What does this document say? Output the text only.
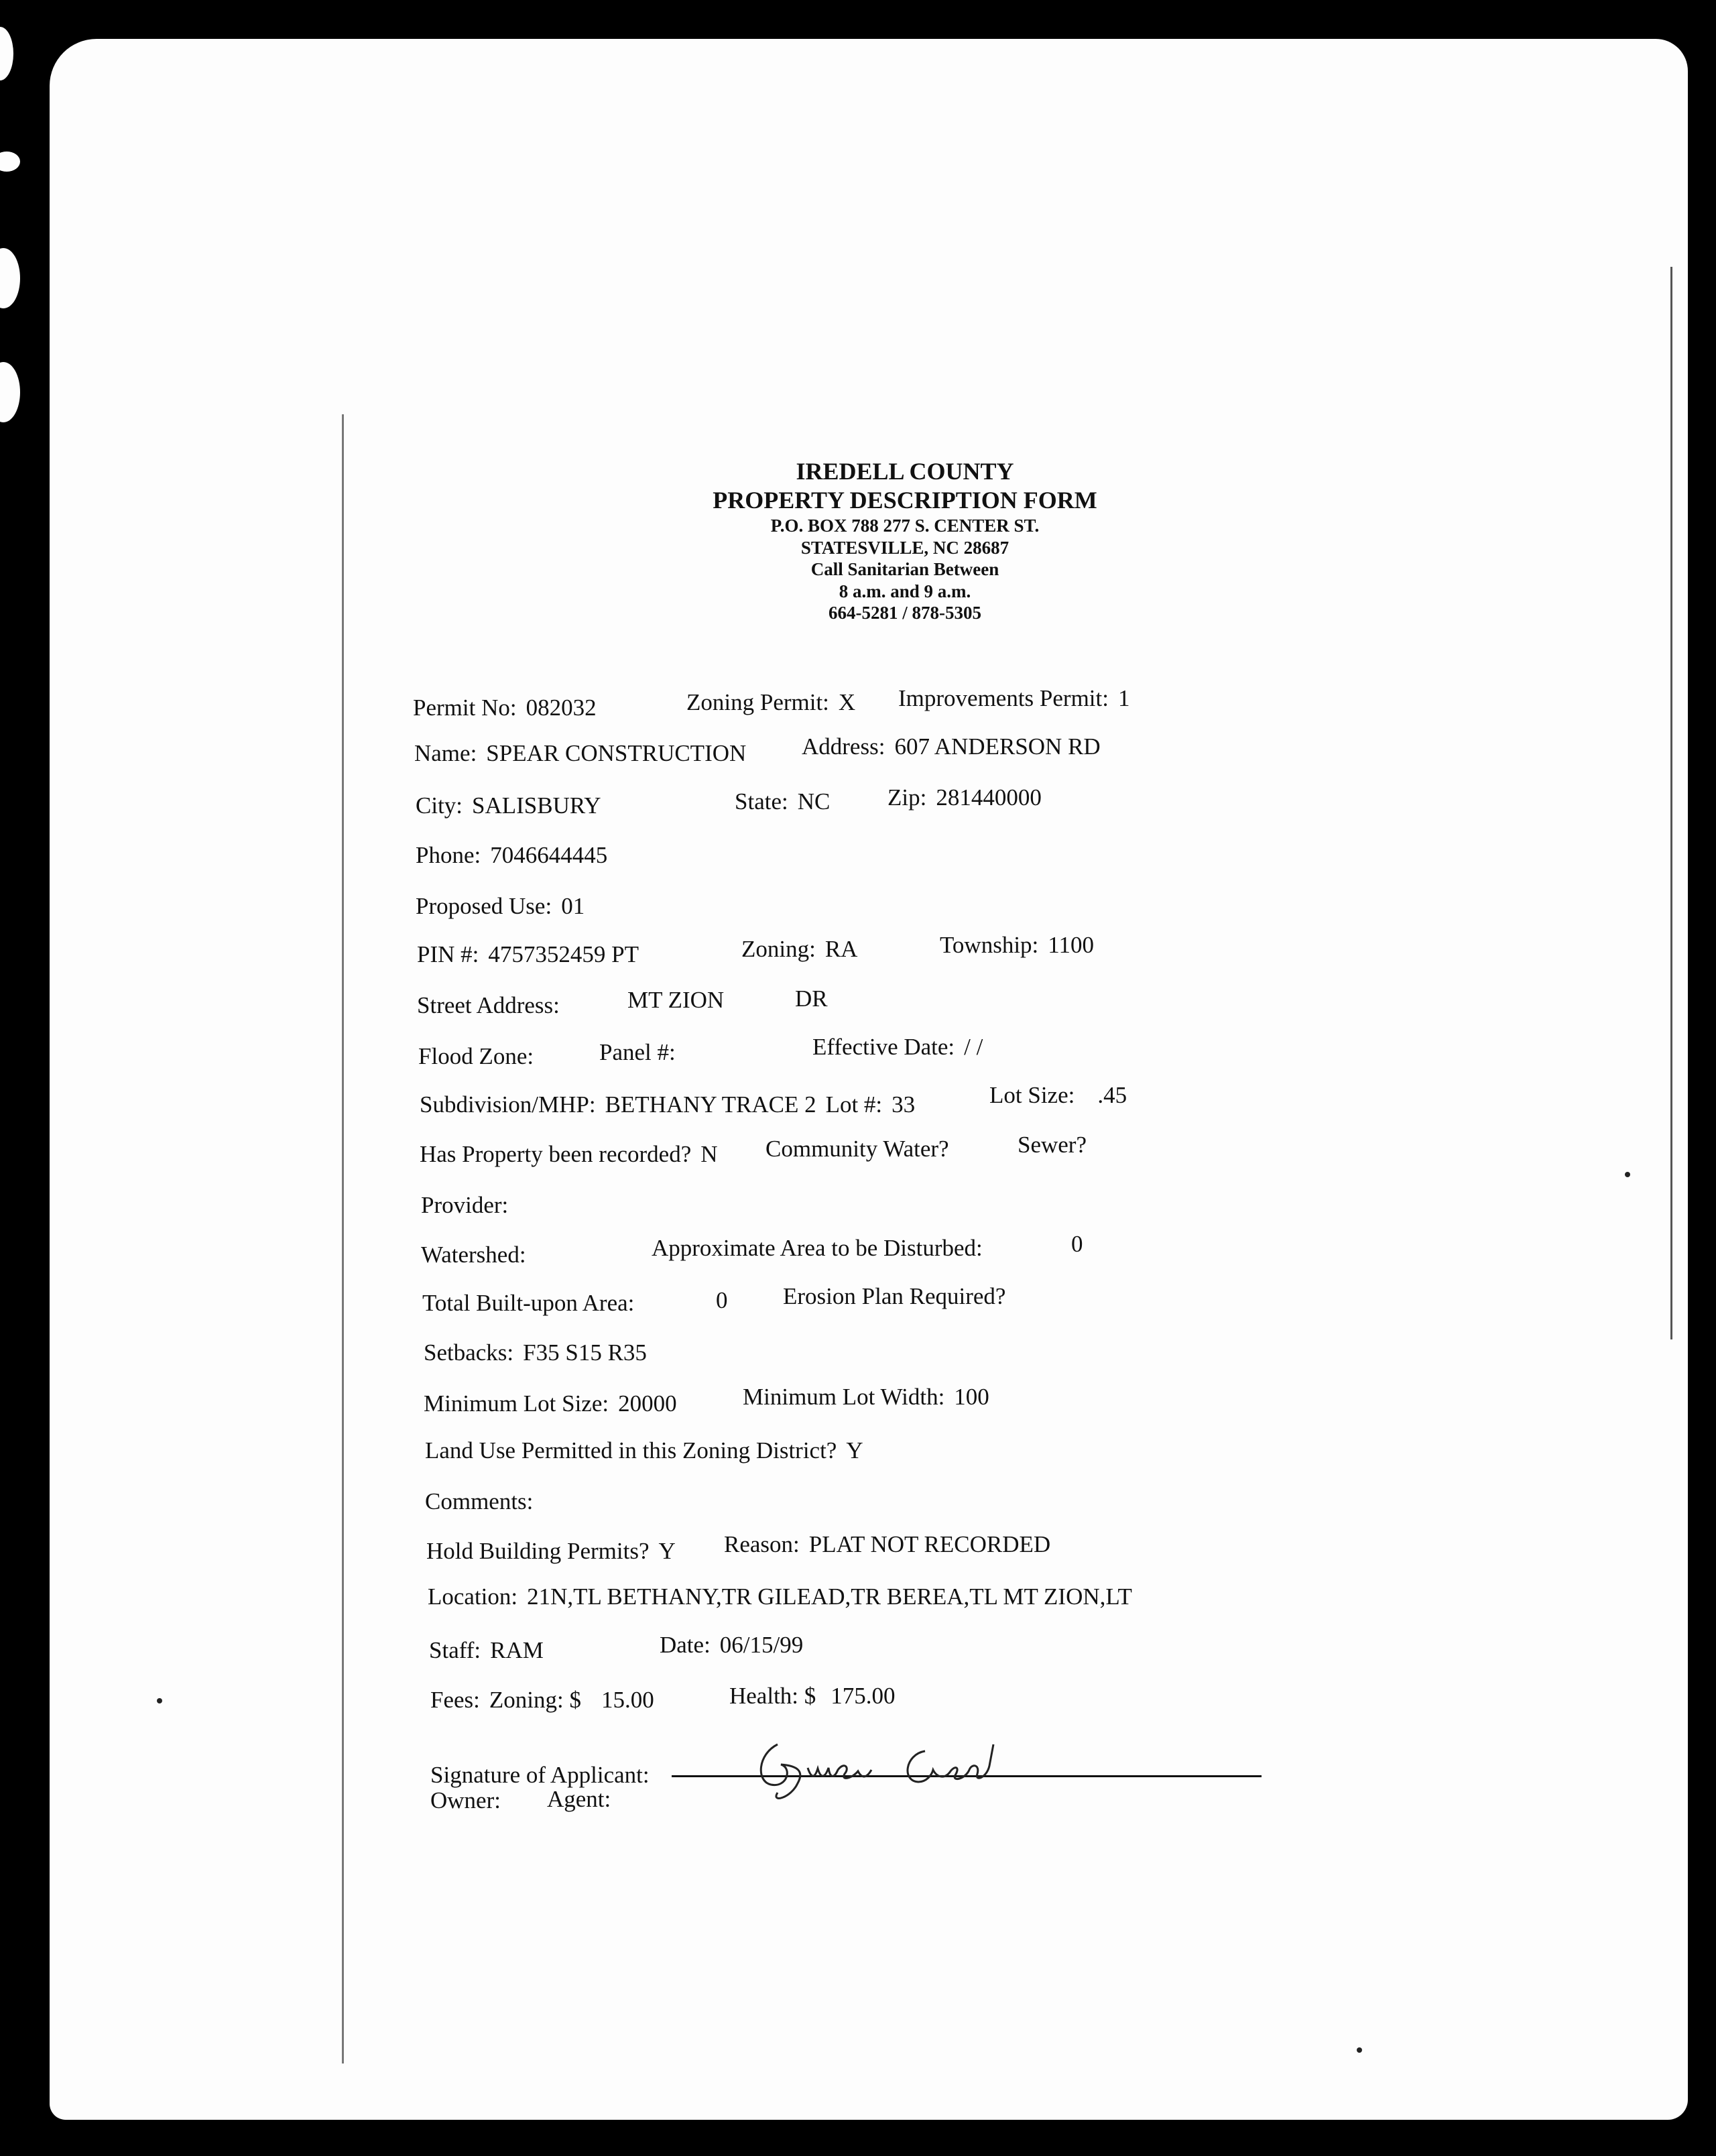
IREDELL COUNTY
PROPERTY DESCRIPTION FORM
P.O. BOX 788 277 S. CENTER ST.
STATESVILLE, NC 28687
Call Sanitarian Between
8 a.m. and 9 a.m.
664-5281 / 878-5305
Permit No: 082032	Zoning Permit: X Improvements Permit: 1
Name: SPEAR CONSTRUCTION Address: 607 ANDERSON RD
City: SALISBURY	State: NC Zip: 281440000
Phone: 7046644445
Proposed Use: 01
PIN #: 4757352459 PT	Zoning: RA	Township: 1100
Street Address:	MT ZION	DR
Flood Zone:	Panel #:	Effective Date: / /
Subdivision/MHP: BETHANY TRACE 2 Lot #: 33	Lot Size: .45
Has Property been recorded? N Community Water?	Sewer?
Provider:
Watershed:	Approximate Area to be Disturbed:	0
Total Built-upon Area:	0 Erosion Plan Required?
Setbacks: F35 S15 R35
Minimum Lot Size: 20000	Minimum Lot Width: 100
Land Use Permitted in this Zoning District? Y
Comments:
Hold Building Permits? Y Reason: PLAT NOT RECORDED
Location: 21N,TL BETHANY,TR GILEAD,TR BEREA,TL MT ZION,LT
Staff: RAM	Date: 06/15/99
Fees: Zoning: $ 15.00	Health: $ 175.00
Signature of Applicant:
Owner:	Agent:
